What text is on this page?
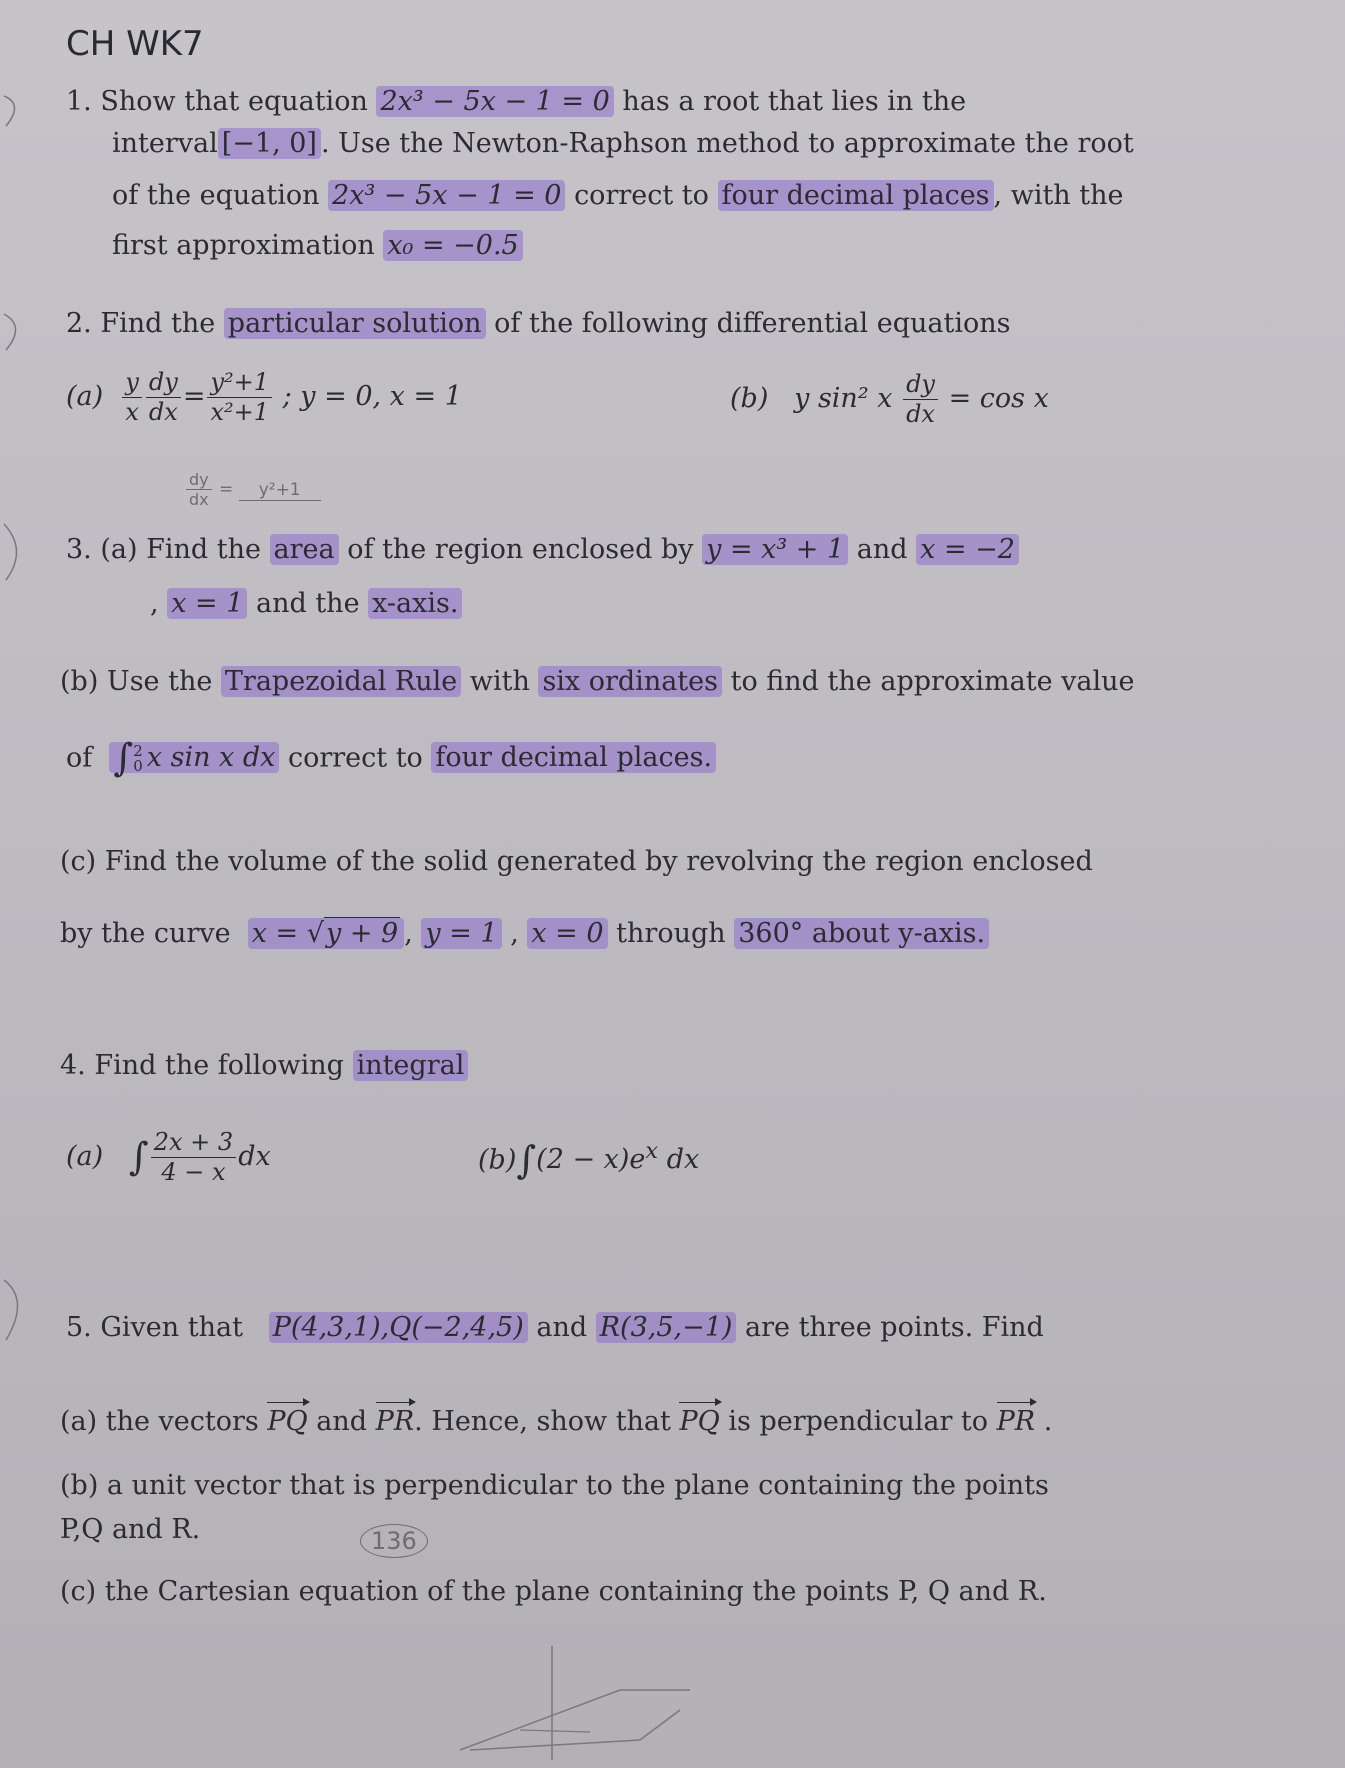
CH WK7
1. Show that equation 2x³ − 5x − 1 = 0 has a root that lies in the
interval [−1, 0] . Use the Newton-Raphson method to approximate the root
of the equation 2x³ − 5x − 1 = 0 correct to four decimal places , with the
first approximation x₀ = −0.5
2. Find the particular solution of the following differential equations
$(a) \frac{y}{x} \frac{dy}{dx} = \frac{\text{y²+1}}{\text{x²+1}}$ ; y = 0, x = 1	(b) y sin² x $\frac{dy}{dx} = \cos x$
$\frac{dy}{dx} = y^2+1$
3. (a) Find the area of the region enclosed by y = x³ + 1 and x = −2
, x = 1 and the x-axis.
(b) Use the Trapezoidal Rule with six ordinates to find the approximate value
of ∫2
0 x sin x dx correct to four decimal places.
(c) Find the volume of the solid generated by revolving the region enclosed
by the curve x = √y + 9 , y = 1 , x = 0 through 360° about y-axis.
4. Find the following integral
(a) ∫ $\frac{2x + 3}{4 - x}$ dx	$(b)\int(2 - x)e^x$ dx
5. Given that P(4,3,1),Q(−2,4,5) and R(3,5,−1) are three points. Find
(a) the vectors PQ and PR. Hence, show that PQ is perpendicular to PR .
(b) a unit vector that is perpendicular to the plane containing the points
P,Q and R.	136
(c) the Cartesian equation of the plane containing the points P, Q and R.
